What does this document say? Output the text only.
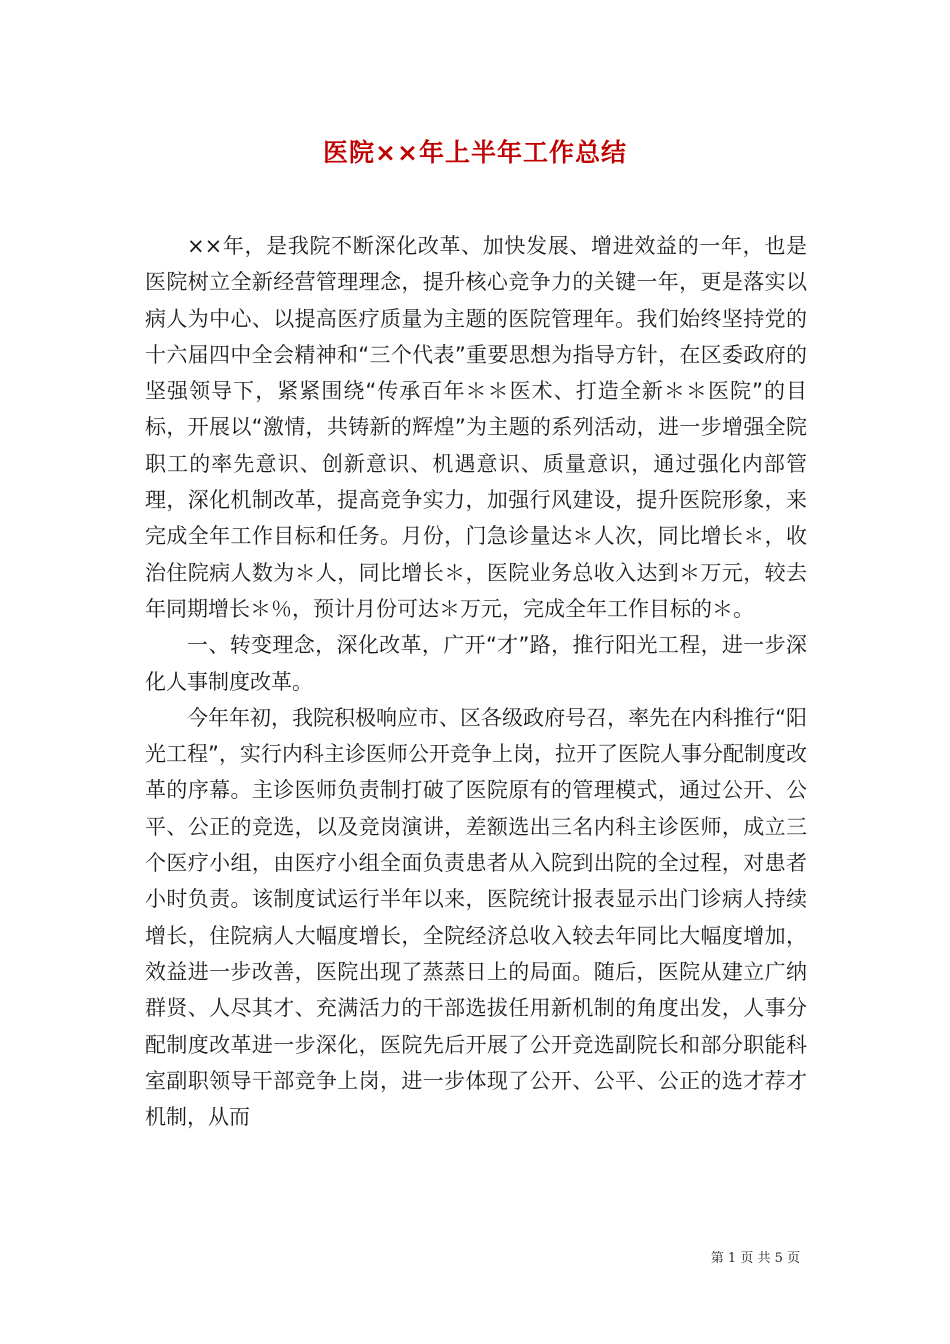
医院××年上半年工作总结

××年，是我院不断深化改革、加快发展、增进效益的一年，也是医院树立全新经营管理理念，提升核心竞争力的关键一年，更是落实以病人为中心、以提高医疗质量为主题的医院管理年。我们始终坚持党的十六届四中全会精神和“三个代表”重要思想为指导方针，在区委政府的坚强领导下，紧紧围绕“传承百年＊＊医术、打造全新＊＊医院”的目标，开展以“激情，共铸新的辉煌”为主题的系列活动，进一步增强全院职工的率先意识、创新意识、机遇意识、质量意识，通过强化内部管理，深化机制改革，提高竞争实力，加强行风建设，提升医院形象，来完成全年工作目标和任务。月份，门急诊量达＊人次，同比增长＊，收治住院病人数为＊人，同比增长＊，医院业务总收入达到＊万元，较去年同期增长＊％，预计月份可达＊万元，完成全年工作目标的＊。

一、转变理念，深化改革，广开“才”路，推行阳光工程，进一步深化人事制度改革。

今年年初，我院积极响应市、区各级政府号召，率先在内科推行“阳光工程”，实行内科主诊医师公开竞争上岗，拉开了医院人事分配制度改革的序幕。主诊医师负责制打破了医院原有的管理模式，通过公开、公平、公正的竞选，以及竞岗演讲，差额选出三名内科主诊医师，成立三个医疗小组，由医疗小组全面负责患者从入院到出院的全过程，对患者小时负责。该制度试运行半年以来，医院统计报表显示出门诊病人持续增长，住院病人大幅度增长，全院经济总收入较去年同比大幅度增加，效益进一步改善，医院出现了蒸蒸日上的局面。随后，医院从建立广纳群贤、人尽其才、充满活力的干部选拔任用新机制的角度出发，人事分配制度改革进一步深化，医院先后开展了公开竞选副院长和部分职能科室副职领导干部竞争上岗，进一步体现了公开、公平、公正的选才荐才机制，从而

第 1 页 共 5 页
